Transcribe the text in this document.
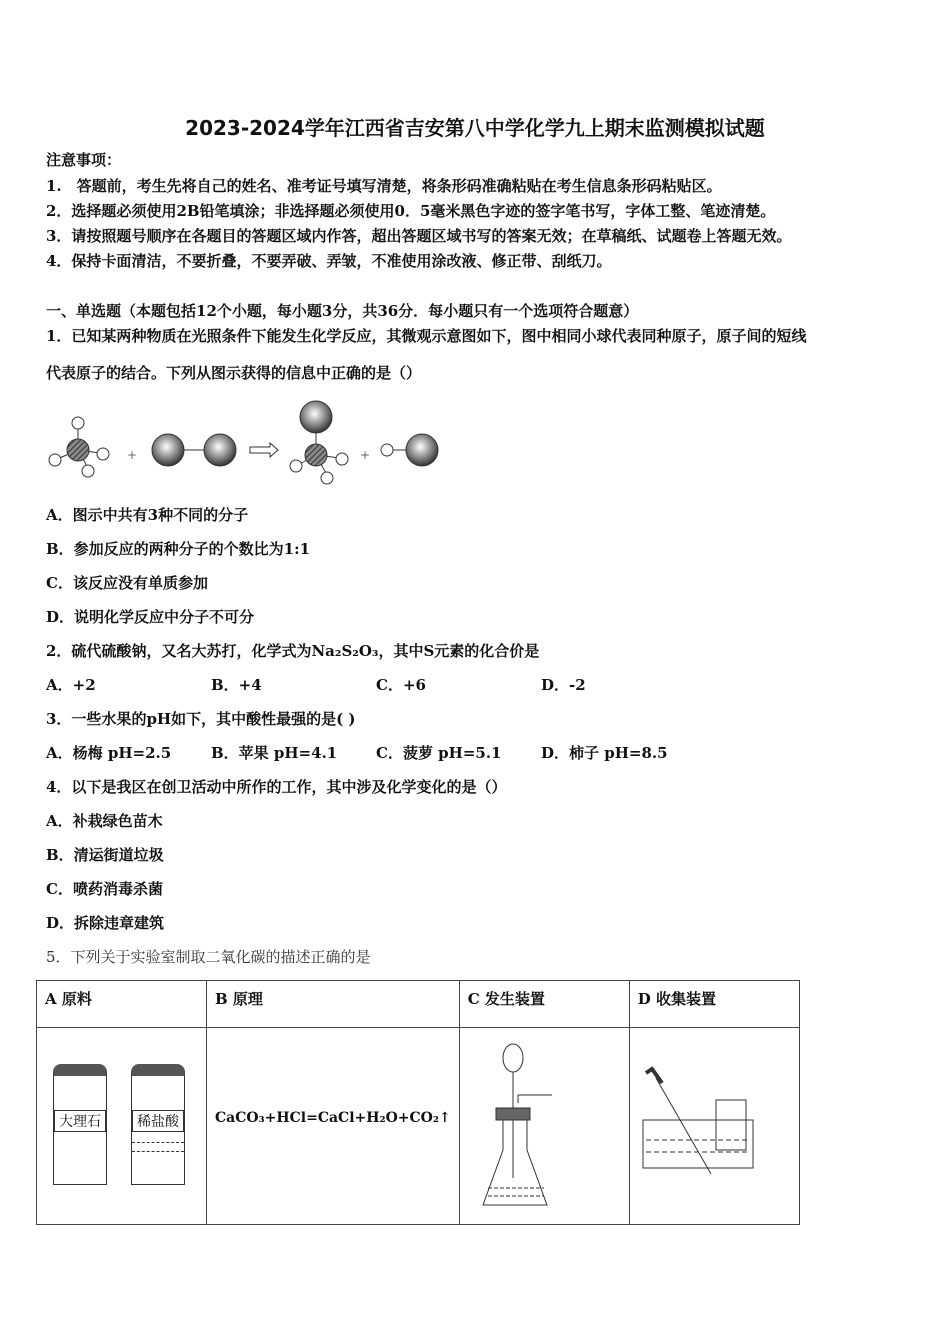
2023-2024学年江西省吉安第八中学化学九上期末监测模拟试题
注意事项：
1.　答题前，考生先将自己的姓名、准考证号填写清楚，将条形码准确粘贴在考生信息条形码粘贴区。
2．选择题必须使用2B铅笔填涂；非选择题必须使用0．5毫米黑色字迹的签字笔书写，字体工整、笔迹清楚。
3．请按照题号顺序在各题目的答题区域内作答，超出答题区域书写的答案无效；在草稿纸、试题卷上答题无效。
4．保持卡面清洁，不要折叠，不要弄破、弄皱，不准使用涂改液、修正带、刮纸刀。
一、单选题（本题包括12个小题，每小题3分，共36分．每小题只有一个选项符合题意）
1．已知某两种物质在光照条件下能发生化学反应，其微观示意图如下，图中相同小球代表同种原子，原子间的短线
代表原子的结合。下列从图示获得的信息中正确的是（）
+	+
A．图示中共有3种不同的分子
B．参加反应的两种分子的个数比为1:1
C．该反应没有单质参加
D．说明化学反应中分子不可分
2．硫代硫酸钠，又名大苏打，化学式为Na₂S₂O₃，其中S元素的化合价是
A．+2	B．+4	C．+6	D．-2
3．一些水果的pH如下，其中酸性最强的是( )
A．杨梅 pH=2.5	B．苹果 pH=4.1	C．菠萝 pH=5.1	D．柿子 pH=8.5
4．以下是我区在创卫活动中所作的工作，其中涉及化学变化的是（）
A．补栽绿色苗木
B．清运街道垃圾
C．喷药消毒杀菌
D．拆除违章建筑
5．下列关于实验室制取二氧化碳的描述正确的是
A 原料	B 原理	C 发生装置	D 收集装置

大理石 稀盐酸	CaCO₃+HCl=CaCl+H₂O+CO₂↑
